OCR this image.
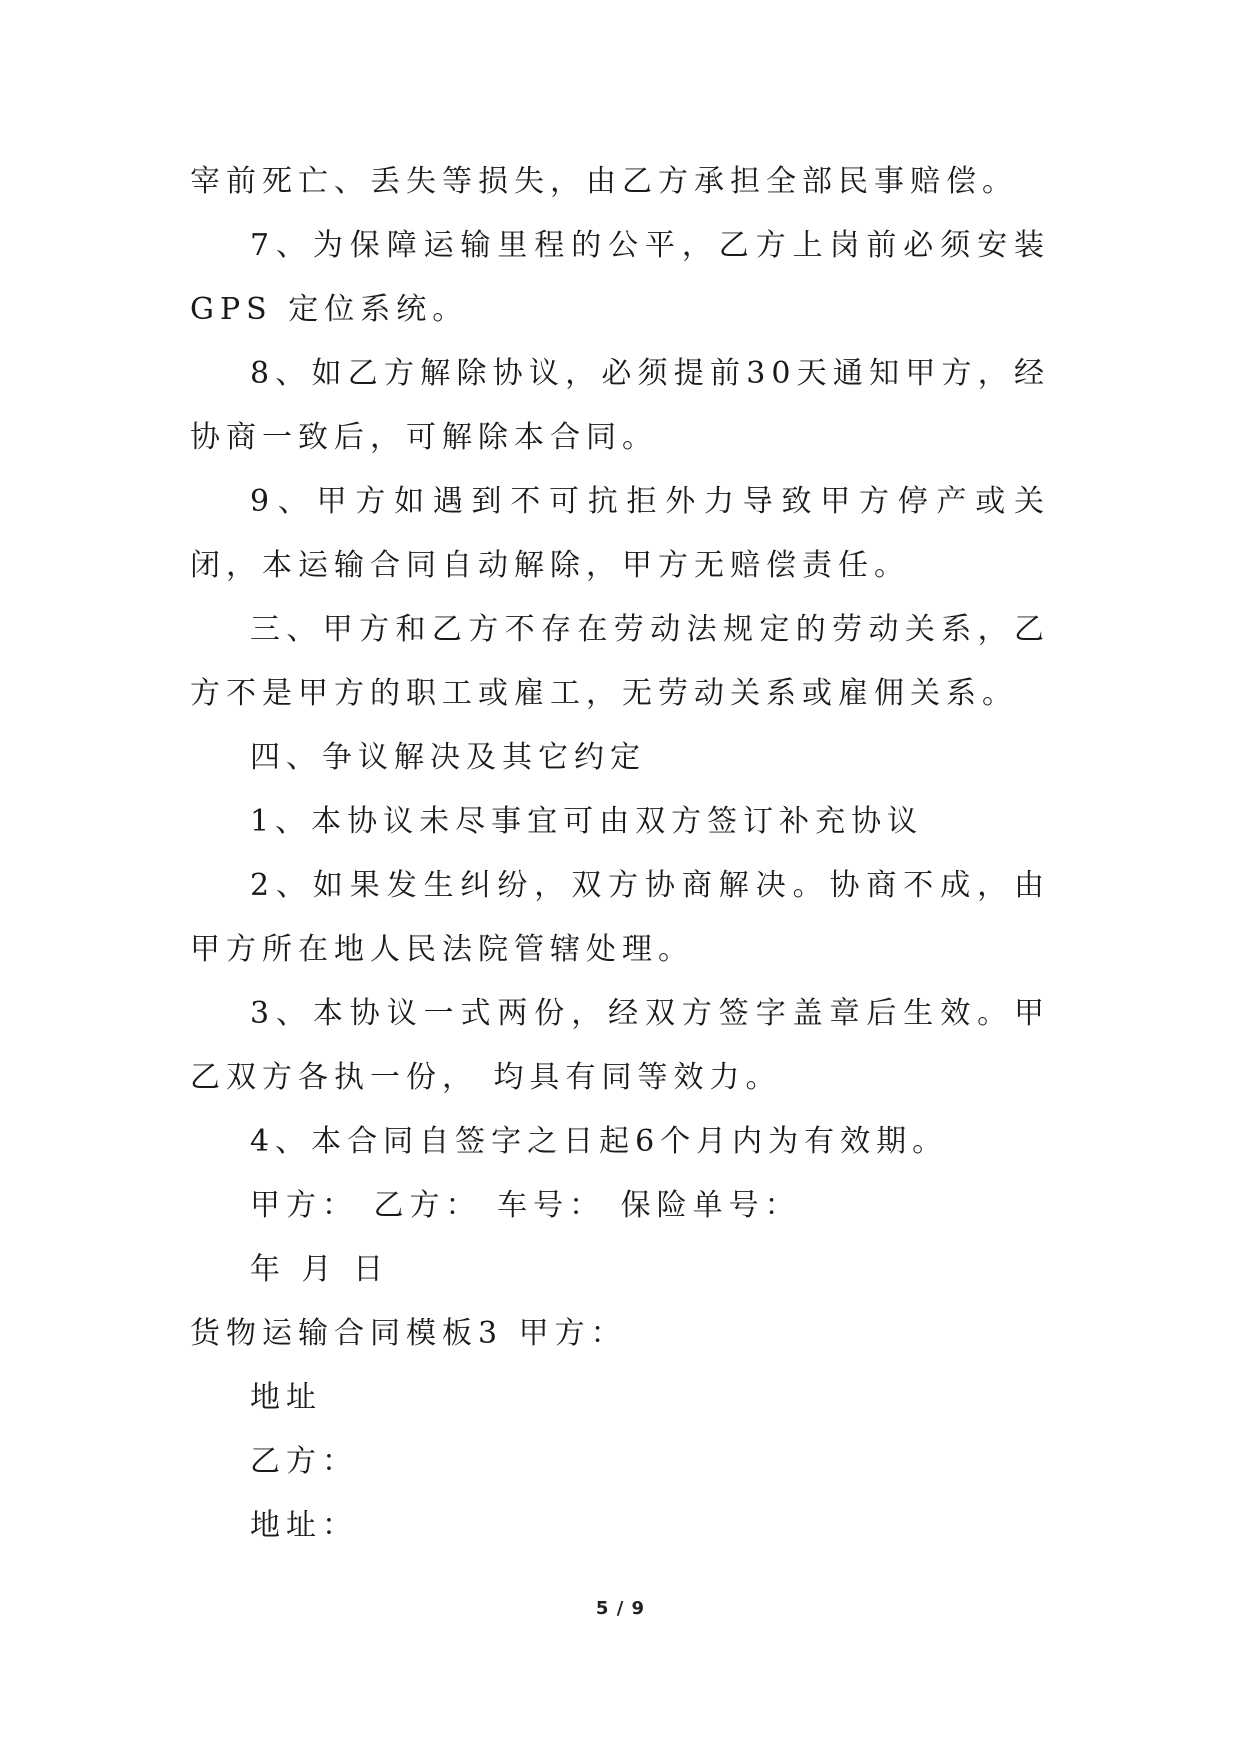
宰前死亡、丢失等损失，由乙方承担全部民事赔偿。

7、为保障运输里程的公平，乙方上岗前必须安装GPS 定位系统。

8、如乙方解除协议，必须提前30天通知甲方，经协商一致后，可解除本合同。

9、甲方如遇到不可抗拒外力导致甲方停产或关闭，本运输合同自动解除，甲方无赔偿责任。

三、甲方和乙方不存在劳动法规定的劳动关系，乙方不是甲方的职工或雇工，无劳动关系或雇佣关系。

四、争议解决及其它约定

1、本协议未尽事宜可由双方签订补充协议

2、如果发生纠纷，双方协商解决。协商不成，由甲方所在地人民法院管辖处理。

3、本协议一式两份，经双方签字盖章后生效。甲乙双方各执一份， 均具有同等效力。

4、本合同自签字之日起6个月内为有效期。

甲方： 乙方： 车号： 保险单号：

年 月 日

货物运输合同模板3 甲方：

地址

乙方：

地址：

5 / 9
